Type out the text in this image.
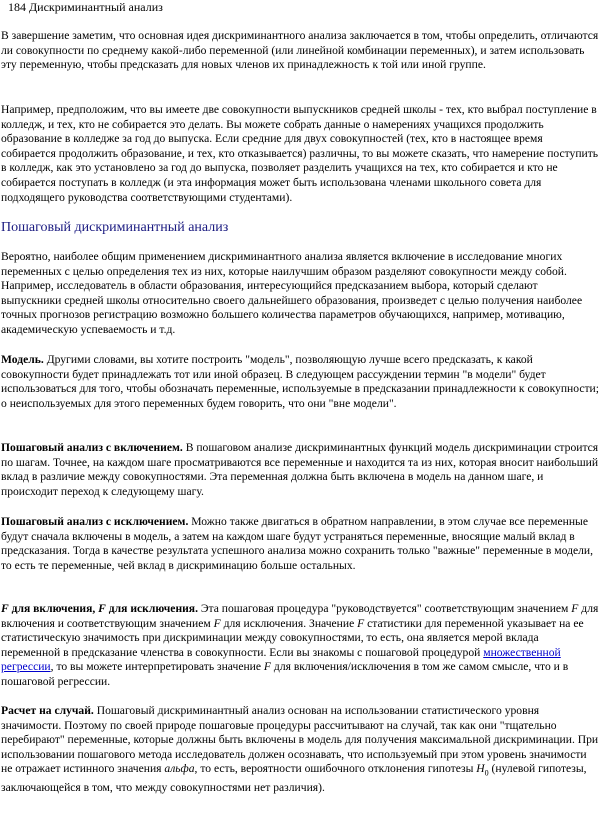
184 Дискриминантный анализ

В завершение заметим, что основная идея дискриминантного анализа заключается в том, чтобы определить, отличаются ли совокупности по среднему какой-либо переменной (или линейной комбинации переменных), и затем использовать эту переменную, чтобы предсказать для новых членов их принадлежность к той или иной группе.

Например, предположим, что вы имеете две совокупности выпускников средней школы - тех, кто выбрал поступление в колледж, и тех, кто не собирается это делать. Вы можете собрать данные о намерениях учащихся продолжить образование в колледже за год до выпуска. Если средние для двух совокупностей (тех, кто в настоящее время собирается продолжить образование, и тех, кто отказывается) различны, то вы можете сказать, что намерение поступить в колледж, как это установлено за год до выпуска, позволяет разделить учащихся на тех, кто собирается и кто не собирается поступать в колледж (и эта информация может быть использована членами школьного совета для подходящего руководства соответствующими студентами).

Пошаговый дискриминантный анализ

Вероятно, наиболее общим применением дискриминантного анализа является включение в исследование многих переменных с целью определения тех из них, которые наилучшим образом разделяют совокупности между собой. Например, исследователь в области образования, интересующийся предсказанием выбора, который сделают выпускники средней школы относительно своего дальнейшего образования, произведет с целью получения наиболее точных прогнозов регистрацию возможно большего количества параметров обучающихся, например, мотивацию, академическую успеваемость и т.д.

Модель. Другими словами, вы хотите построить "модель", позволяющую лучше всего предсказать, к какой совокупности будет принадлежать тот или иной образец. В следующем рассуждении термин "в модели" будет использоваться для того, чтобы обозначать переменные, используемые в предсказании принадлежности к совокупности; о неиспользуемых для этого переменных будем говорить, что они "вне модели".

Пошаговый анализ с включением. В пошаговом анализе дискриминантных функций модель дискриминации строится по шагам. Точнее, на каждом шаге просматриваются все переменные и находится та из них, которая вносит наибольший вклад в различие между совокупностями. Эта переменная должна быть включена в модель на данном шаге, и происходит переход к следующему шагу.

Пошаговый анализ с исключением. Можно также двигаться в обратном направлении, в этом случае все переменные будут сначала включены в модель, а затем на каждом шаге будут устраняться переменные, вносящие малый вклад в предсказания. Тогда в качестве результата успешного анализа можно сохранить только "важные" переменные в модели, то есть те переменные, чей вклад в дискриминацию больше остальных.

F для включения, F для исключения. Эта пошаговая процедура "руководствуется" соответствующим значением F для включения и соответствующим значением F для исключения. Значение F статистики для переменной указывает на ее статистическую значимость при дискриминации между совокупностями, то есть, она является мерой вклада переменной в предсказание членства в совокупности. Если вы знакомы с пошаговой процедурой множественной регрессии, то вы можете интерпретировать значение F для включения/исключения в том же самом смысле, что и в пошаговой регрессии.

Расчет на случай. Пошаговый дискриминантный анализ основан на использовании статистического уровня значимости. Поэтому по своей природе пошаговые процедуры рассчитывают на случай, так как они "тщательно перебирают" переменные, которые должны быть включены в модель для получения максимальной дискриминации. При использовании пошагового метода исследователь должен осознавать, что используемый при этом уровень значимости не отражает истинного значения альфа, то есть, вероятности ошибочного отклонения гипотезы $H_0$ (нулевой гипотезы, заключающейся в том, что между совокупностями нет различия).
